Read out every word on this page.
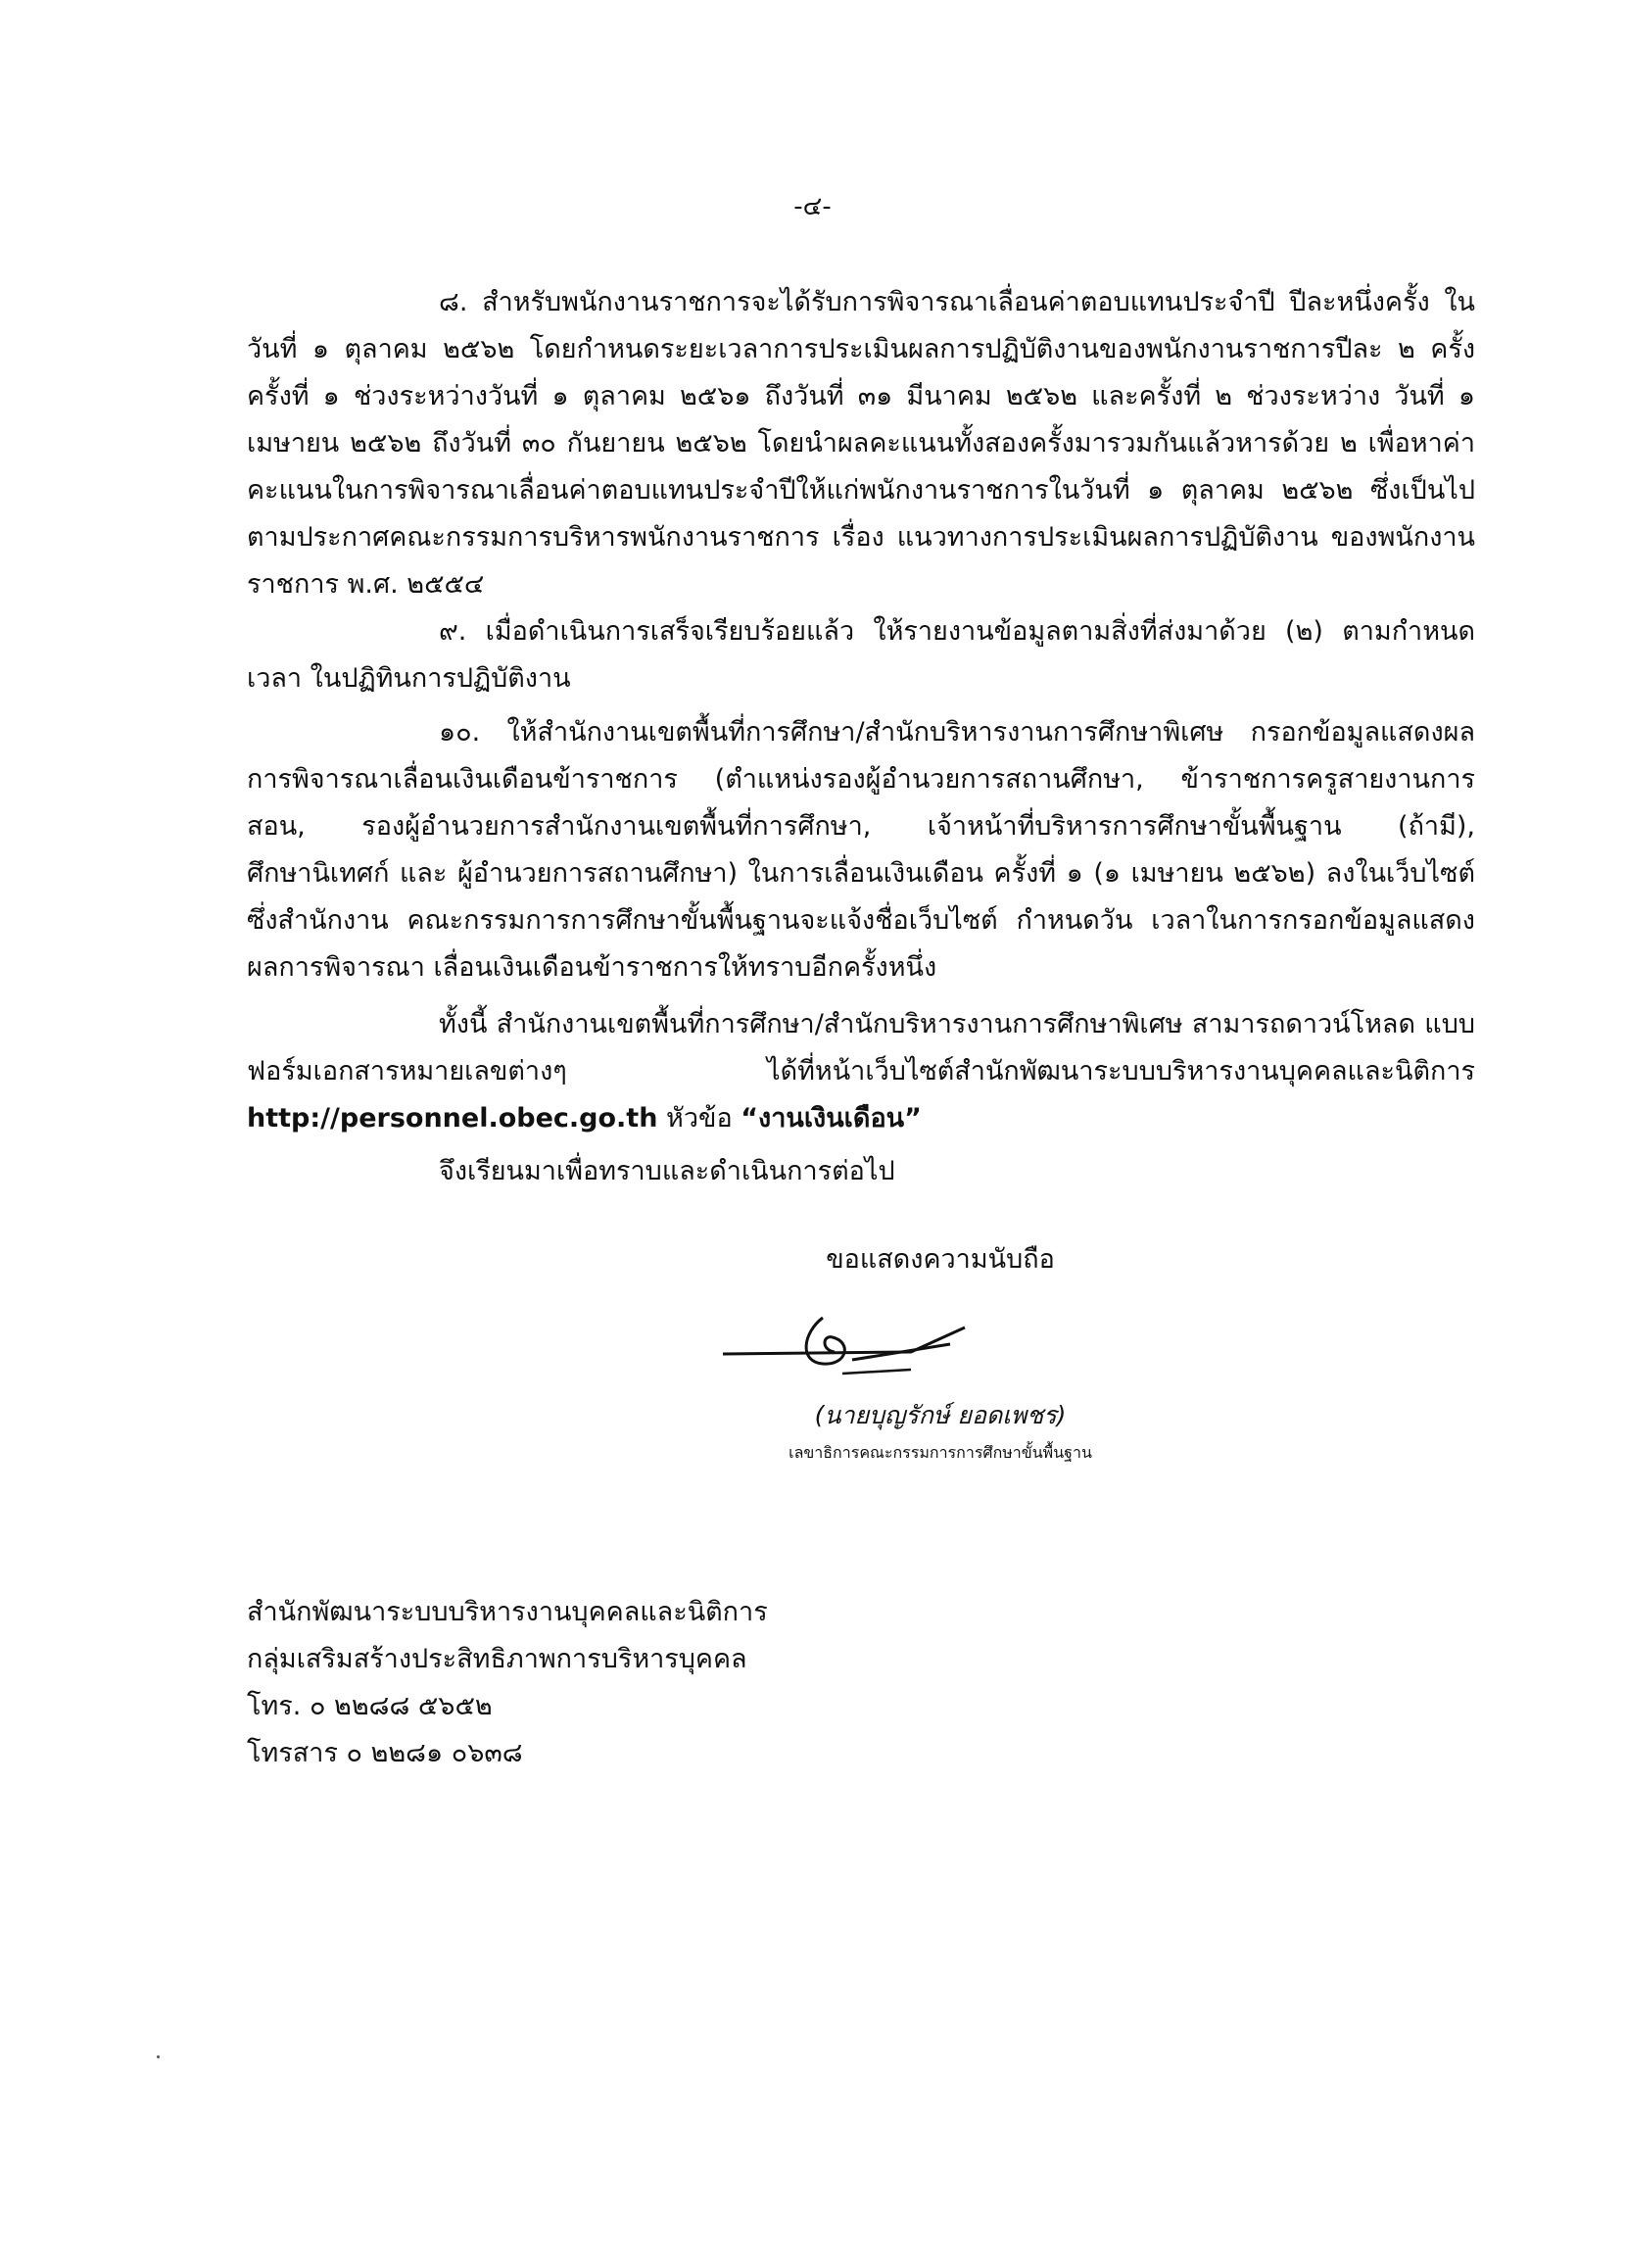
-๔-

๘. สำหรับพนักงานราชการจะได้รับการพิจารณาเลื่อนค่าตอบแทนประจำปี ปีละหนึ่งครั้ง ในวันที่ ๑ ตุลาคม ๒๕๖๒ โดยกำหนดระยะเวลาการประเมินผลการปฏิบัติงานของพนักงานราชการปีละ ๒ ครั้ง ครั้งที่ ๑ ช่วงระหว่างวันที่ ๑ ตุลาคม ๒๕๖๑ ถึงวันที่ ๓๑ มีนาคม ๒๕๖๒ และครั้งที่ ๒ ช่วงระหว่าง วันที่ ๑ เมษายน ๒๕๖๒ ถึงวันที่ ๓๐ กันยายน ๒๕๖๒ โดยนำผลคะแนนทั้งสองครั้งมารวมกันแล้วหารด้วย ๒ เพื่อหาค่าคะแนนในการพิจารณาเลื่อนค่าตอบแทนประจำปีให้แก่พนักงานราชการในวันที่ ๑ ตุลาคม ๒๕๖๒ ซึ่งเป็นไปตามประกาศคณะกรรมการบริหารพนักงานราชการ เรื่อง แนวทางการประเมินผลการปฏิบัติงาน ของพนักงานราชการ พ.ศ. ๒๕๕๔

๙. เมื่อดำเนินการเสร็จเรียบร้อยแล้ว ให้รายงานข้อมูลตามสิ่งที่ส่งมาด้วย (๒) ตามกำหนดเวลา ในปฏิทินการปฏิบัติงาน

๑๐. ให้สำนักงานเขตพื้นที่การศึกษา/สำนักบริหารงานการศึกษาพิเศษ กรอกข้อมูลแสดงผล การพิจารณาเลื่อนเงินเดือนข้าราชการ (ตำแหน่งรองผู้อำนวยการสถานศึกษา, ข้าราชการครูสายงานการสอน, รองผู้อำนวยการสำนักงานเขตพื้นที่การศึกษา, เจ้าหน้าที่บริหารการศึกษาขั้นพื้นฐาน (ถ้ามี), ศึกษานิเทศก์ และ ผู้อำนวยการสถานศึกษา) ในการเลื่อนเงินเดือน ครั้งที่ ๑ (๑ เมษายน ๒๕๖๒) ลงในเว็บไซต์ ซึ่งสำนักงาน คณะกรรมการการศึกษาขั้นพื้นฐานจะแจ้งชื่อเว็บไซต์ กำหนดวัน เวลาในการกรอกข้อมูลแสดงผลการพิจารณา เลื่อนเงินเดือนข้าราชการให้ทราบอีกครั้งหนึ่ง

ทั้งนี้ สำนักงานเขตพื้นที่การศึกษา/สำนักบริหารงานการศึกษาพิเศษ สามารถดาวน์โหลด แบบฟอร์มเอกสารหมายเลขต่างๆ ได้ที่หน้าเว็บไซต์สำนักพัฒนาระบบบริหารงานบุคคลและนิติการ http://personnel.obec.go.th หัวข้อ “งานเงินเดือน”

จึงเรียนมาเพื่อทราบและดำเนินการต่อไป

ขอแสดงความนับถือ
(นายบุญรักษ์ ยอดเพชร)
เลขาธิการคณะกรรมการการศึกษาขั้นพื้นฐาน

สำนักพัฒนาระบบบริหารงานบุคคลและนิติการ

กลุ่มเสริมสร้างประสิทธิภาพการบริหารบุคคล

โทร. ๐ ๒๒๘๘ ๕๖๕๒

โทรสาร ๐ ๒๒๘๑ ๐๖๓๘
